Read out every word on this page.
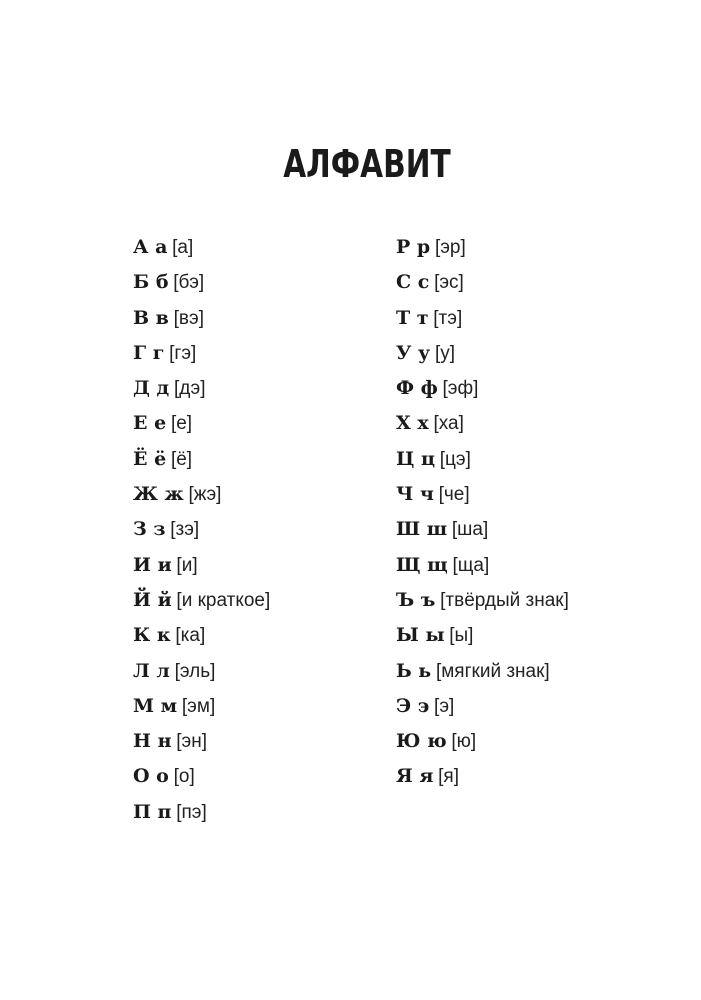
АЛФАВИТ
А а [а]
Б б [бэ]
В в [вэ]
Г г [гэ]
Д д [дэ]
Е е [е]
Ё ё [ё]
Ж ж [жэ]
З з [зэ]
И и [и]
Й й [и краткое]
К к [ка]
Л л [эль]
М м [эм]
Н н [эн]
О о [о]
П п [пэ]
Р р [эр]
С с [эс]
Т т [тэ]
У у [у]
Ф ф [эф]
Х х [ха]
Ц ц [цэ]
Ч ч [че]
Ш ш [ша]
Щ щ [ща]
Ъ ъ [твёрдый знак]
Ы ы [ы]
Ь ь [мягкий знак]
Э э [э]
Ю ю [ю]
Я я [я]
